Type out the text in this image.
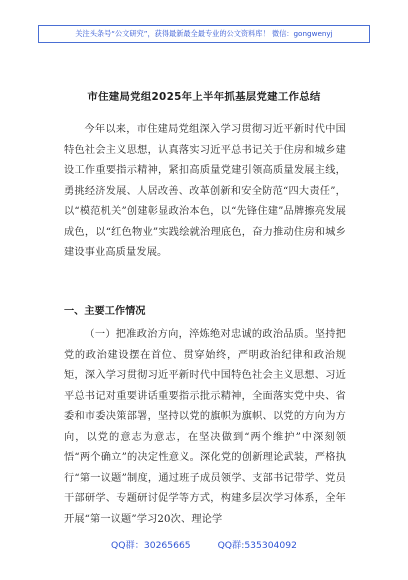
关注头条号“公文研究”，获得最新最全最专业的公文资料库！ 微信：gongwenyj
市住建局党组2025年上半年抓基层党建工作总结

今年以来，市住建局党组深入学习贯彻习近平新时代中国特色社会主义思想，认真落实习近平总书记关于住房和城乡建设工作重要指示精神，紧扣高质量党建引领高质量发展主线，勇挑经济发展、人居改善、改革创新和安全防范“四大责任”，以“模范机关”创建彰显政治本色，以“先锋住建”品牌擦亮发展成色，以“红色物业”实践绘就治理底色，奋力推动住房和城乡建设事业高质量发展。

一、主要工作情况

（一）把准政治方向，淬炼绝对忠诚的政治品质。坚持把党的政治建设摆在首位、贯穿始终，严明政治纪律和政治规矩，深入学习贯彻习近平新时代中国特色社会主义思想、习近平总书记对重要讲话重要指示批示精神，全面落实党中央、省委和市委决策部署，坚持以党的旗帜为旗帜、以党的方向为方向，以党的意志为意志，在坚决做到“两个维护”中深刻领悟“两个确立”的决定性意义。深化党的创新理论武装，严格执行“第一议题”制度，通过班子成员领学、支部书记带学、党员干部研学、专题研讨促学等方式，构建多层次学习体系，全年开展“第一议题”学习20次、理论学

QQ群：30265665	QQ群:535304092
